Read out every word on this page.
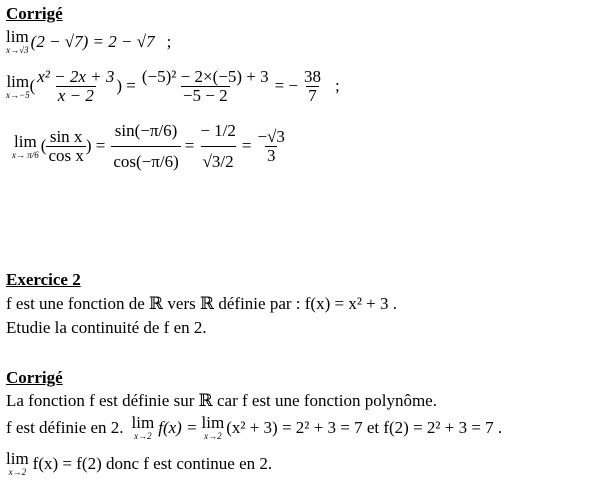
Corrigé
lim
x→√3 (2 − √7) = 2 − √7 ;
lim
x→−5 ( $\frac{\text{x² − 2x + 3}}{x - 2}$ ) = $\frac{\text{(−5)² − 2×(−5) + 3}}{-5 - 2}$ = − $\frac{38}{7}$ ;
lim
x→ π/6 ( $\frac{\text{sin x}}{\text{cos x}}$ ) = $\frac{\sin(-\pi/6)}{\cos(-\pi/6)} = \frac{- 1/2}{√3/2} = \frac{-√3}{3}$
Exercice 2
f est une fonction de ℝ vers ℝ définie par : f(x) = x² + 3 .
Etudie la continuité de f en 2.
Corrigé
La fonction f est définie sur ℝ car f est une fonction polynôme.
f est définie en 2. lim
x→2 f(x) = lim
x→2 (x² + 3) = 2² + 3 = 7 et f(2) = 2² + 3 = 7 .
lim
x→2 f(x) = f(2) donc f est continue en 2.
